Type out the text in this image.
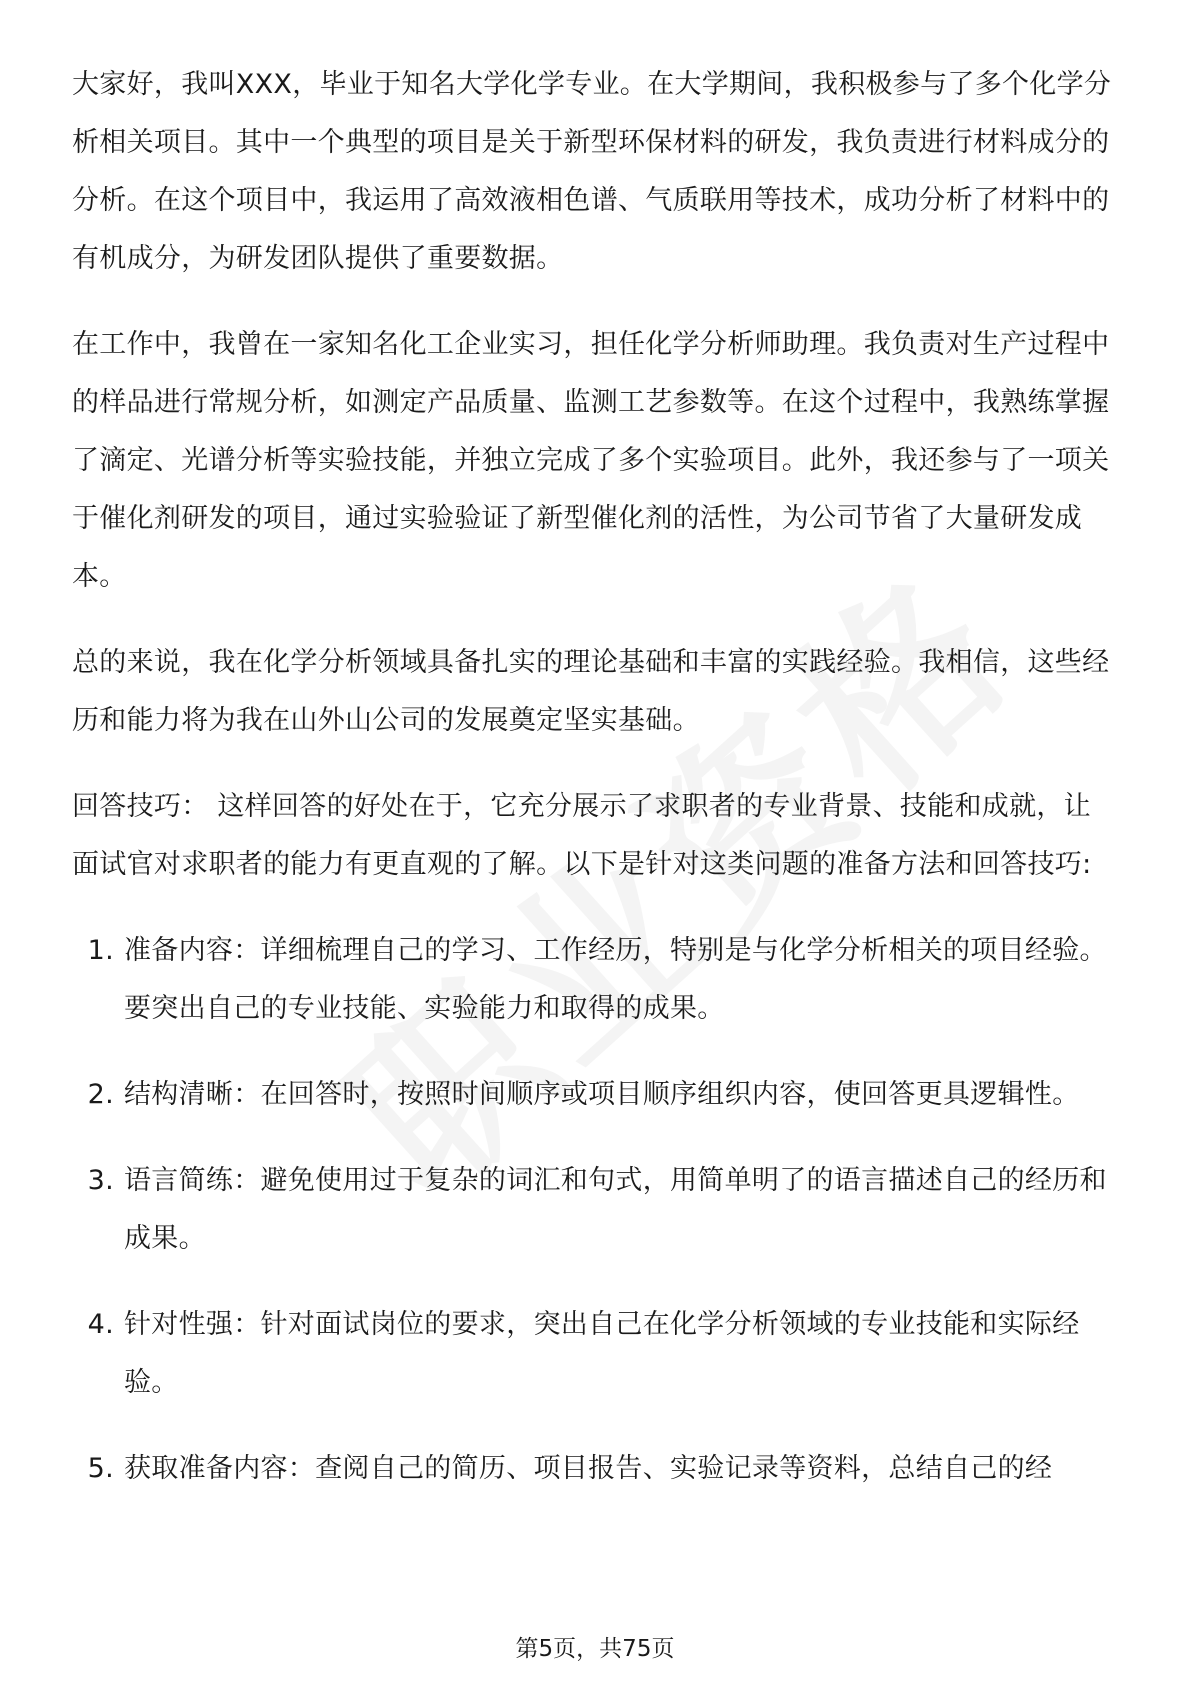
大家好，我叫XXX，毕业于知名大学化学专业。在大学期间，我积极参与了多个化学分析相关项目。其中一个典型的项目是关于新型环保材料的研发，我负责进行材料成分的分析。在这个项目中，我运用了高效液相色谱、气质联用等技术，成功分析了材料中的有机成分，为研发团队提供了重要数据。

在工作中，我曾在一家知名化工企业实习，担任化学分析师助理。我负责对生产过程中的样品进行常规分析，如测定产品质量、监测工艺参数等。在这个过程中，我熟练掌握了滴定、光谱分析等实验技能，并独立完成了多个实验项目。此外，我还参与了一项关于催化剂研发的项目，通过实验验证了新型催化剂的活性，为公司节省了大量研发成本。

总的来说，我在化学分析领域具备扎实的理论基础和丰富的实践经验。我相信，这些经历和能力将为我在山外山公司的发展奠定坚实基础。

回答技巧： 这样回答的好处在于，它充分展示了求职者的专业背景、技能和成就，让面试官对求职者的能力有更直观的了解。以下是针对这类问题的准备方法和回答技巧:

1. 准备内容：详细梳理自己的学习、工作经历，特别是与化学分析相关的项目经验。要突出自己的专业技能、实验能力和取得的成果。
2. 结构清晰：在回答时，按照时间顺序或项目顺序组织内容，使回答更具逻辑性。
3. 语言简练：避免使用过于复杂的词汇和句式，用简单明了的语言描述自己的经历和成果。
4. 针对性强：针对面试岗位的要求，突出自己在化学分析领域的专业技能和实际经验。
5. 获取准备内容：查阅自己的简历、项目报告、实验记录等资料，总结自己的经
第5页，共75页
